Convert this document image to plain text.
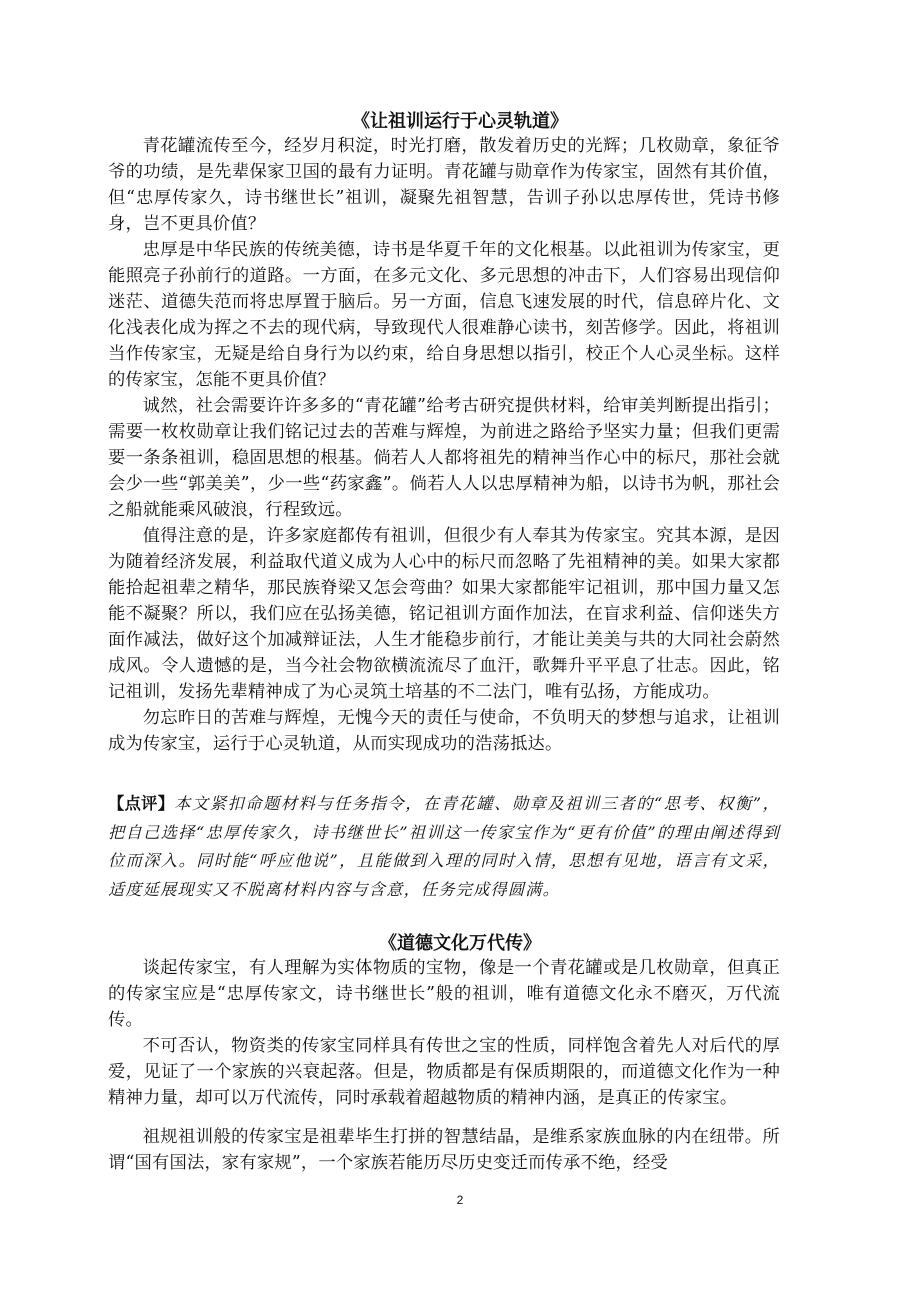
《让祖训运行于心灵轨道》

青花罐流传至今，经岁月积淀，时光打磨，散发着历史的光辉；几枚勋章，象征爷爷的功绩，是先辈保家卫国的最有力证明。青花罐与勋章作为传家宝，固然有其价值，但“忠厚传家久，诗书继世长”祖训，凝聚先祖智慧，告训子孙以忠厚传世，凭诗书修身，岂不更具价值？

忠厚是中华民族的传统美德，诗书是华夏千年的文化根基。以此祖训为传家宝，更能照亮子孙前行的道路。一方面，在多元文化、多元思想的冲击下，人们容易出现信仰迷茫、道德失范而将忠厚置于脑后。另一方面，信息飞速发展的时代，信息碎片化、文化浅表化成为挥之不去的现代病，导致现代人很难静心读书，刻苦修学。因此，将祖训当作传家宝，无疑是给自身行为以约束，给自身思想以指引，校正个人心灵坐标。这样的传家宝，怎能不更具价值？

诚然，社会需要许许多多的“青花罐”给考古研究提供材料，给审美判断提出指引；需要一枚枚勋章让我们铭记过去的苦难与辉煌，为前进之路给予坚实力量；但我们更需要一条条祖训，稳固思想的根基。倘若人人都将祖先的精神当作心中的标尺，那社会就会少一些“郭美美”，少一些“药家鑫”。倘若人人以忠厚精神为船，以诗书为帆，那社会之船就能乘风破浪，行程致远。

值得注意的是，许多家庭都传有祖训，但很少有人奉其为传家宝。究其本源，是因为随着经济发展，利益取代道义成为人心中的标尺而忽略了先祖精神的美。如果大家都能拾起祖辈之精华，那民族脊梁又怎会弯曲？如果大家都能牢记祖训，那中国力量又怎能不凝聚？所以，我们应在弘扬美德，铭记祖训方面作加法，在盲求利益、信仰迷失方面作减法，做好这个加减辩证法，人生才能稳步前行，才能让美美与共的大同社会蔚然成风。令人遗憾的是，当今社会物欲横流流尽了血汗，歌舞升平平息了壮志。因此，铭记祖训，发扬先辈精神成了为心灵筑土培基的不二法门，唯有弘扬，方能成功。

勿忘昨日的苦难与辉煌，无愧今天的责任与使命，不负明天的梦想与追求，让祖训成为传家宝，运行于心灵轨道，从而实现成功的浩荡抵达。

【点评】本文紧扣命题材料与任务指令，在青花罐、勋章及祖训三者的“思考、权衡”，把自己选择“忠厚传家久，诗书继世长”祖训这一传家宝作为“更有价值”的理由阐述得到位而深入。同时能“呼应他说”，且能做到入理的同时入情，思想有见地，语言有文采，适度延展现实又不脱离材料内容与含意，任务完成得圆满。

《道德文化万代传》

谈起传家宝，有人理解为实体物质的宝物，像是一个青花罐或是几枚勋章，但真正的传家宝应是“忠厚传家文，诗书继世长”般的祖训，唯有道德文化永不磨灭，万代流传。

不可否认，物资类的传家宝同样具有传世之宝的性质，同样饱含着先人对后代的厚爱，见证了一个家族的兴衰起落。但是，物质都是有保质期限的，而道德文化作为一种精神力量，却可以万代流传，同时承载着超越物质的精神内涵，是真正的传家宝。

祖规祖训般的传家宝是祖辈毕生打拼的智慧结晶，是维系家族血脉的内在纽带。所谓“国有国法，家有家规”，一个家族若能历尽历史变迁而传承不绝，经受

2
